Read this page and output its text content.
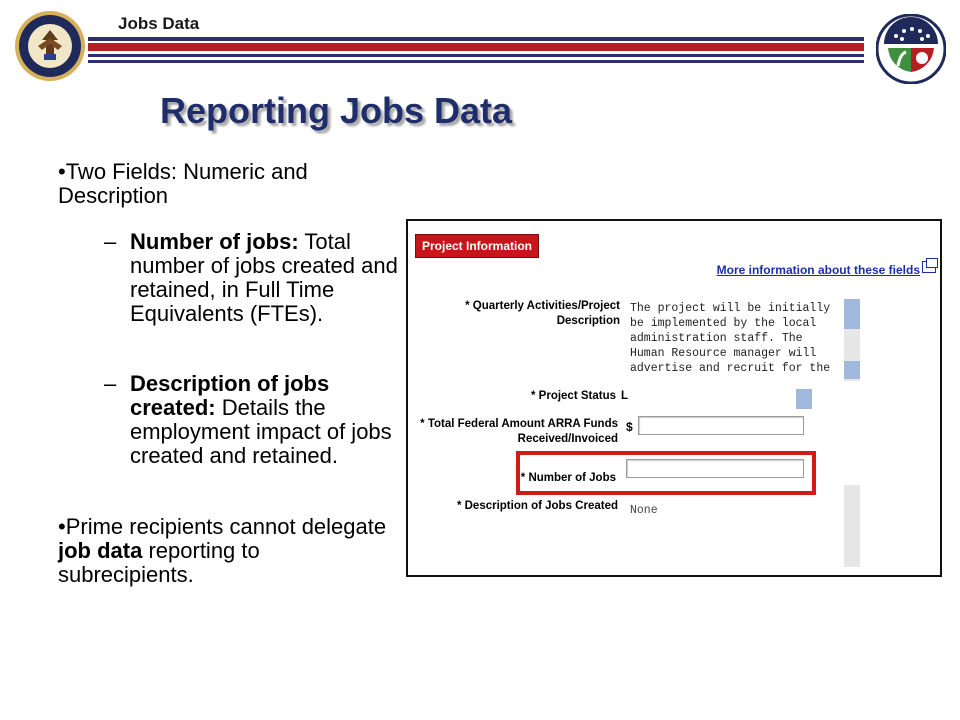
Jobs Data
Reporting Jobs Data
•Two Fields: Numeric and Description
– Number of jobs: Total number of jobs created and retained, in Full Time Equivalents (FTEs).
– Description of jobs created: Details the employment impact of jobs created and retained.
•Prime recipients cannot delegate job data reporting to subrecipients.
Project Information
More information about these fields
* Quarterly Activities/Project
Description
The project will be initially
be implemented by the local
administration staff. The
Human Resource manager will
advertise and recruit for the
* Project Status L
* Total Federal Amount ARRA Funds
Received/Invoiced
$
* Number of Jobs
* Description of Jobs Created None
